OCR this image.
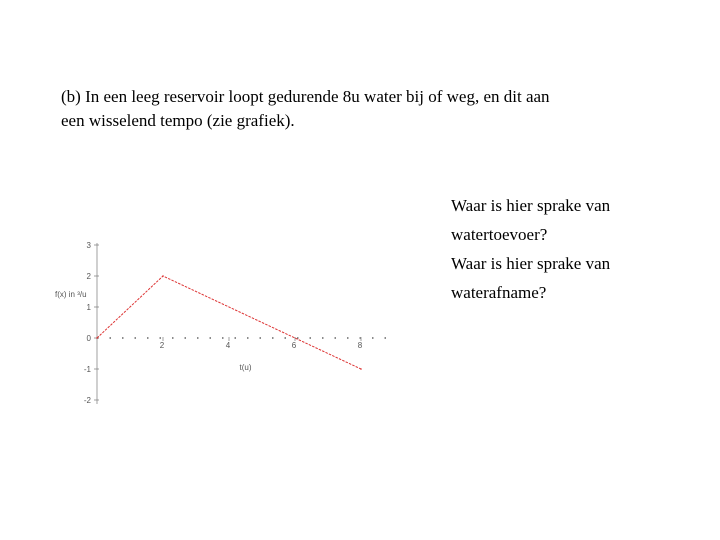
(b) In een leeg reservoir loopt gedurende 8u water bij of weg, en dit aan
een wisselend tempo (zie grafiek).
Waar is hier sprake van
watertoevoer?
Waar is hier sprake van
waterafname?
3
2
1
0
-1
-2
2	4	6	8
f(x) in ³/u
t(u)
